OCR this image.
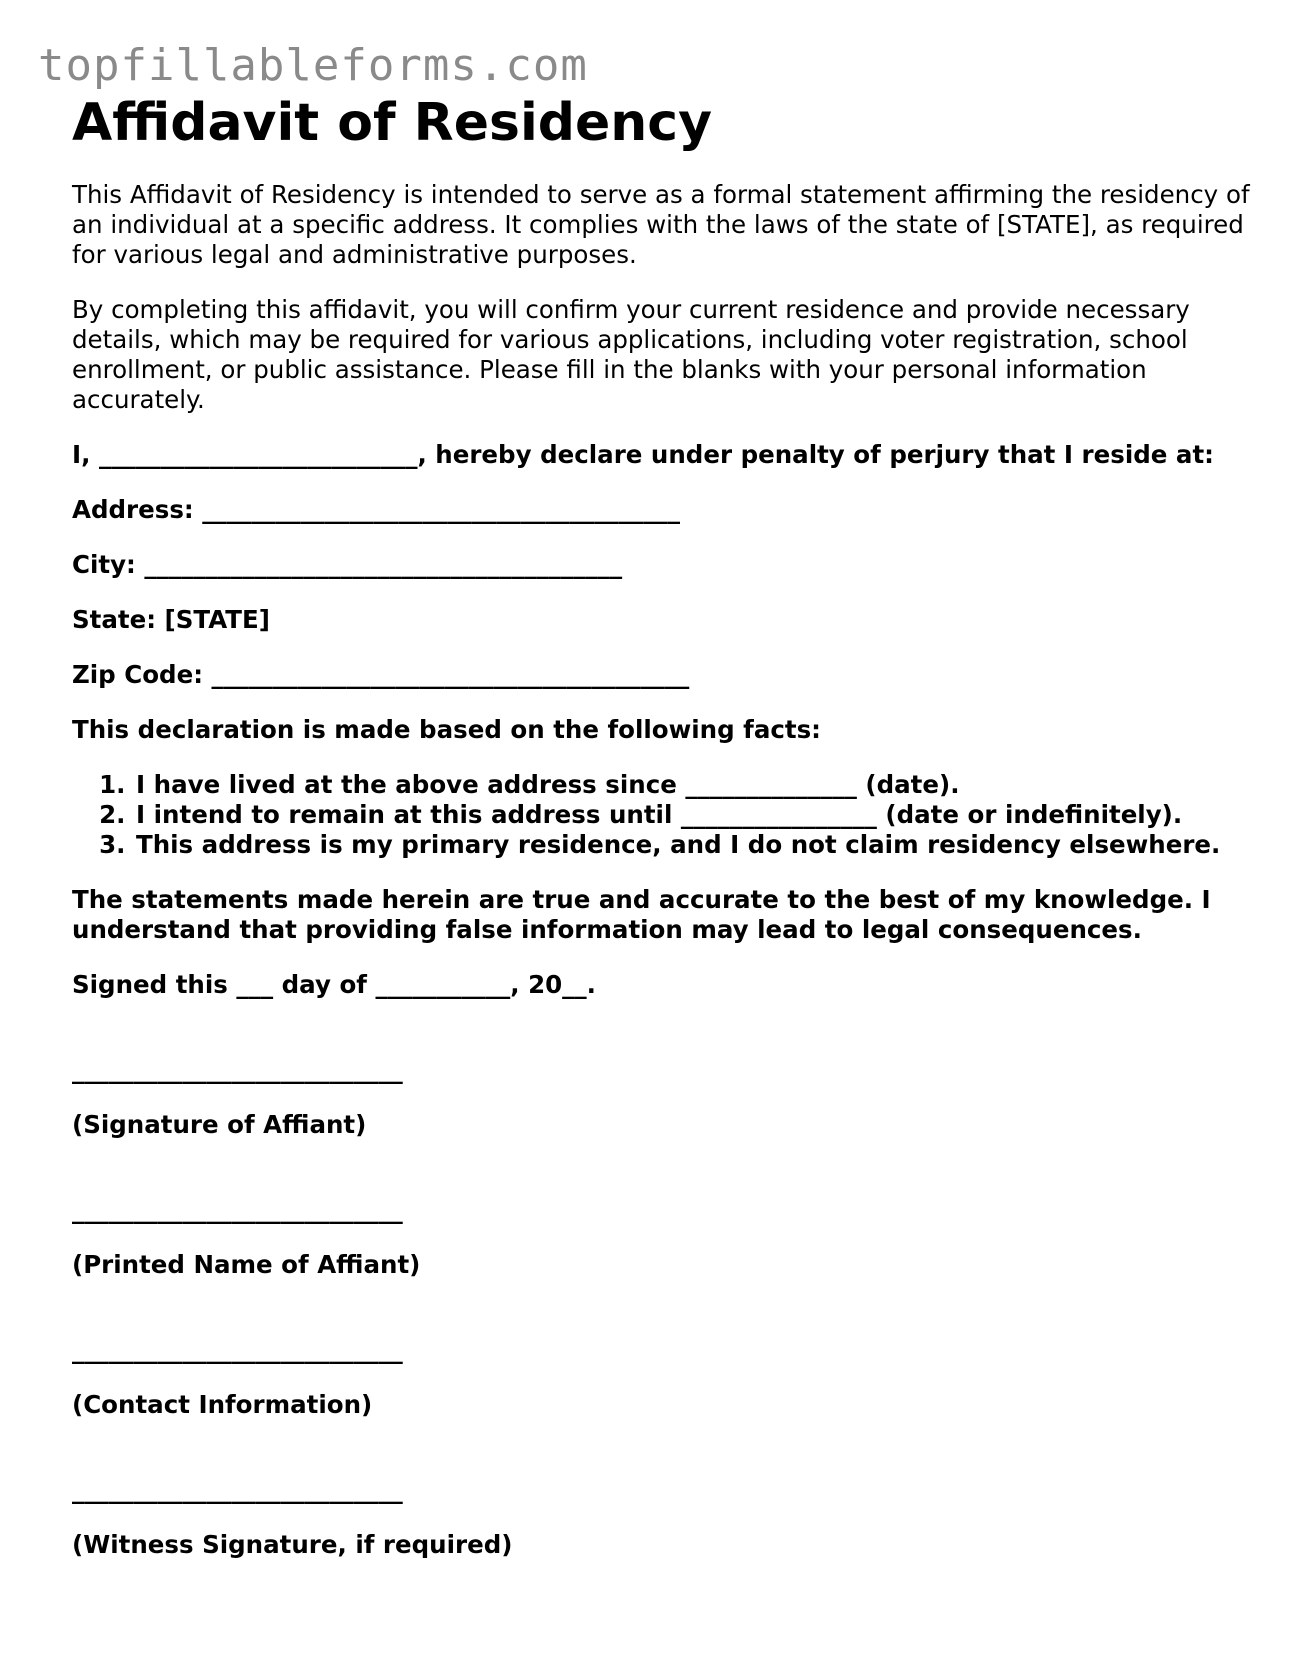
topfillableforms.com
Affidavit of Residency

This Affidavit of Residency is intended to serve as a formal statement affirming the residency of an individual at a specific address. It complies with the laws of the state of [STATE], as required for various legal and administrative purposes.

By completing this affidavit, you will confirm your current residence and provide necessary details, which may be required for various applications, including voter registration, school enrollment, or public assistance. Please fill in the blanks with your personal information accurately.

I, __________________________, hereby declare under penalty of perjury that I reside at:

Address: _______________________________________

City: _______________________________________

State: [STATE]

Zip Code: _______________________________________

This declaration is made based on the following facts:

1. I have lived at the above address since ______________ (date).
2. I intend to remain at this address until ________________ (date or indefinitely).
3. This address is my primary residence, and I do not claim residency elsewhere.

The statements made herein are true and accurate to the best of my knowledge. I understand that providing false information may lead to legal consequences.

Signed this ___ day of ___________, 20__.

___________________________

(Signature of Affiant)

___________________________

(Printed Name of Affiant)

___________________________

(Contact Information)

___________________________

(Witness Signature, if required)
